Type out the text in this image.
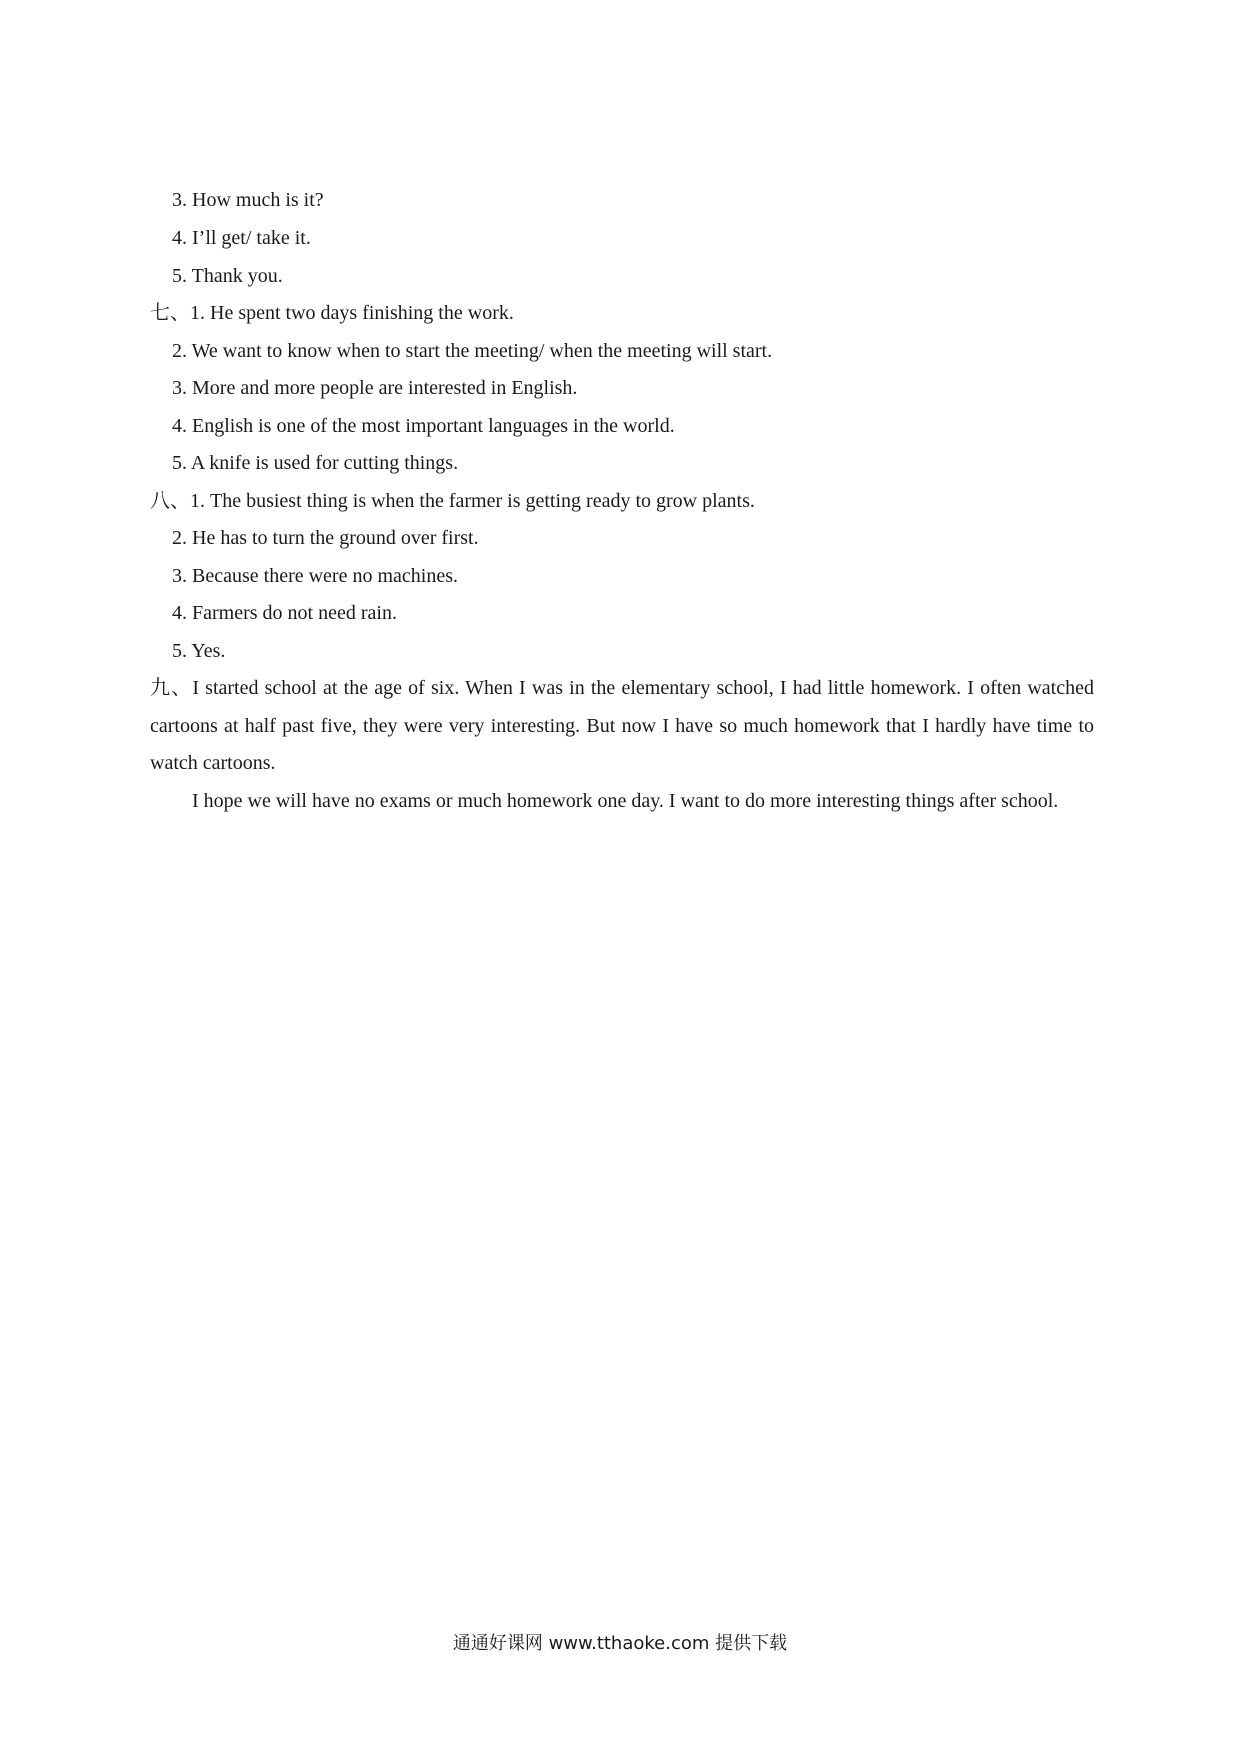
3. How much is it?
4. I’ll get/ take it.
5. Thank you.
七、1. He spent two days finishing the work.
2. We want to know when to start the meeting/ when the meeting will start.
3. More and more people are interested in English.
4. English is one of the most important languages in the world.
5. A knife is used for cutting things.
八、1. The busiest thing is when the farmer is getting ready to grow plants.
2. He has to turn the ground over first.
3. Because there were no machines.
4. Farmers do not need rain.
5. Yes.
九、I started school at the age of six. When I was in the elementary school, I had little homework. I often watched cartoons at half past five, they were very interesting. But now I have so much homework that I hardly have time to watch cartoons.
I hope we will have no exams or much homework one day. I want to do more interesting things after school.
通通好课网 www.tthaoke.com 提供下载
